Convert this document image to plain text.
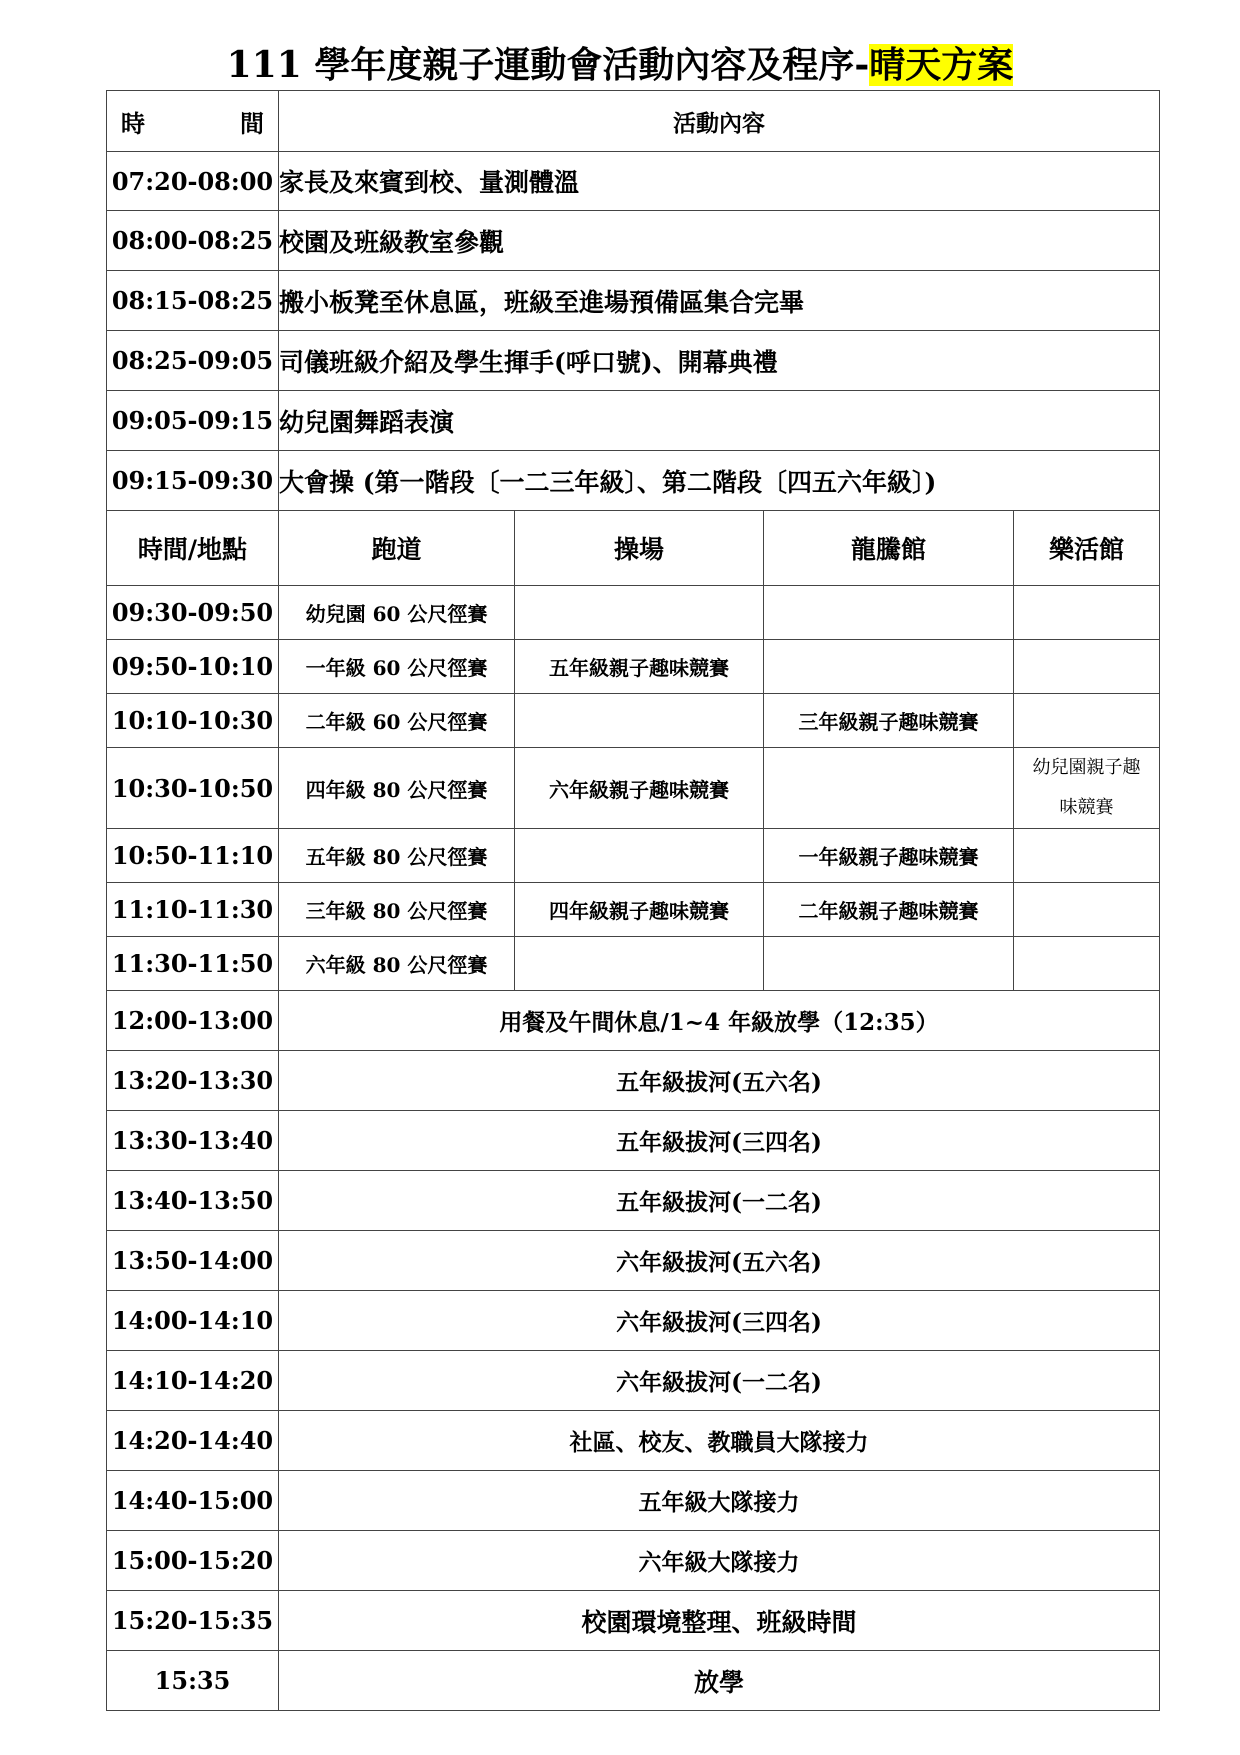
111 學年度親子運動會活動內容及程序-晴天方案
時 間	活動內容			
07:20-08:00	家長及來賓到校、量測體溫			
08:00-08:25	校園及班級教室參觀			
08:15-08:25	搬小板凳至休息區，班級至進場預備區集合完畢			
08:25-09:05	司儀班級介紹及學生揮手(呼口號)、開幕典禮			
09:05-09:15	幼兒園舞蹈表演			
09:15-09:30	大會操 (第一階段〔一二三年級〕、第二階段〔四五六年級〕)			
時間/地點	跑道	操場	龍騰館	樂活館
09:30-09:50	幼兒園 60 公尺徑賽			
09:50-10:10	一年級 60 公尺徑賽	五年級親子趣味競賽		
10:10-10:30	二年級 60 公尺徑賽		三年級親子趣味競賽	
10:30-10:50	四年級 80 公尺徑賽	六年級親子趣味競賽		幼兒園親子趣味競賽
10:50-11:10	五年級 80 公尺徑賽		一年級親子趣味競賽	
11:10-11:30	三年級 80 公尺徑賽	四年級親子趣味競賽	二年級親子趣味競賽	
11:30-11:50	六年級 80 公尺徑賽			
12:00-13:00	用餐及午間休息/1~4 年級放學（12:35）			
13:20-13:30	五年級拔河(五六名)			
13:30-13:40	五年級拔河(三四名)			
13:40-13:50	五年級拔河(一二名)			
13:50-14:00	六年級拔河(五六名)			
14:00-14:10	六年級拔河(三四名)			
14:10-14:20	六年級拔河(一二名)			
14:20-14:40	社區、校友、教職員大隊接力			
14:40-15:00	五年級大隊接力			
15:00-15:20	六年級大隊接力			
15:20-15:35	校園環境整理、班級時間			
15:35	放學			
